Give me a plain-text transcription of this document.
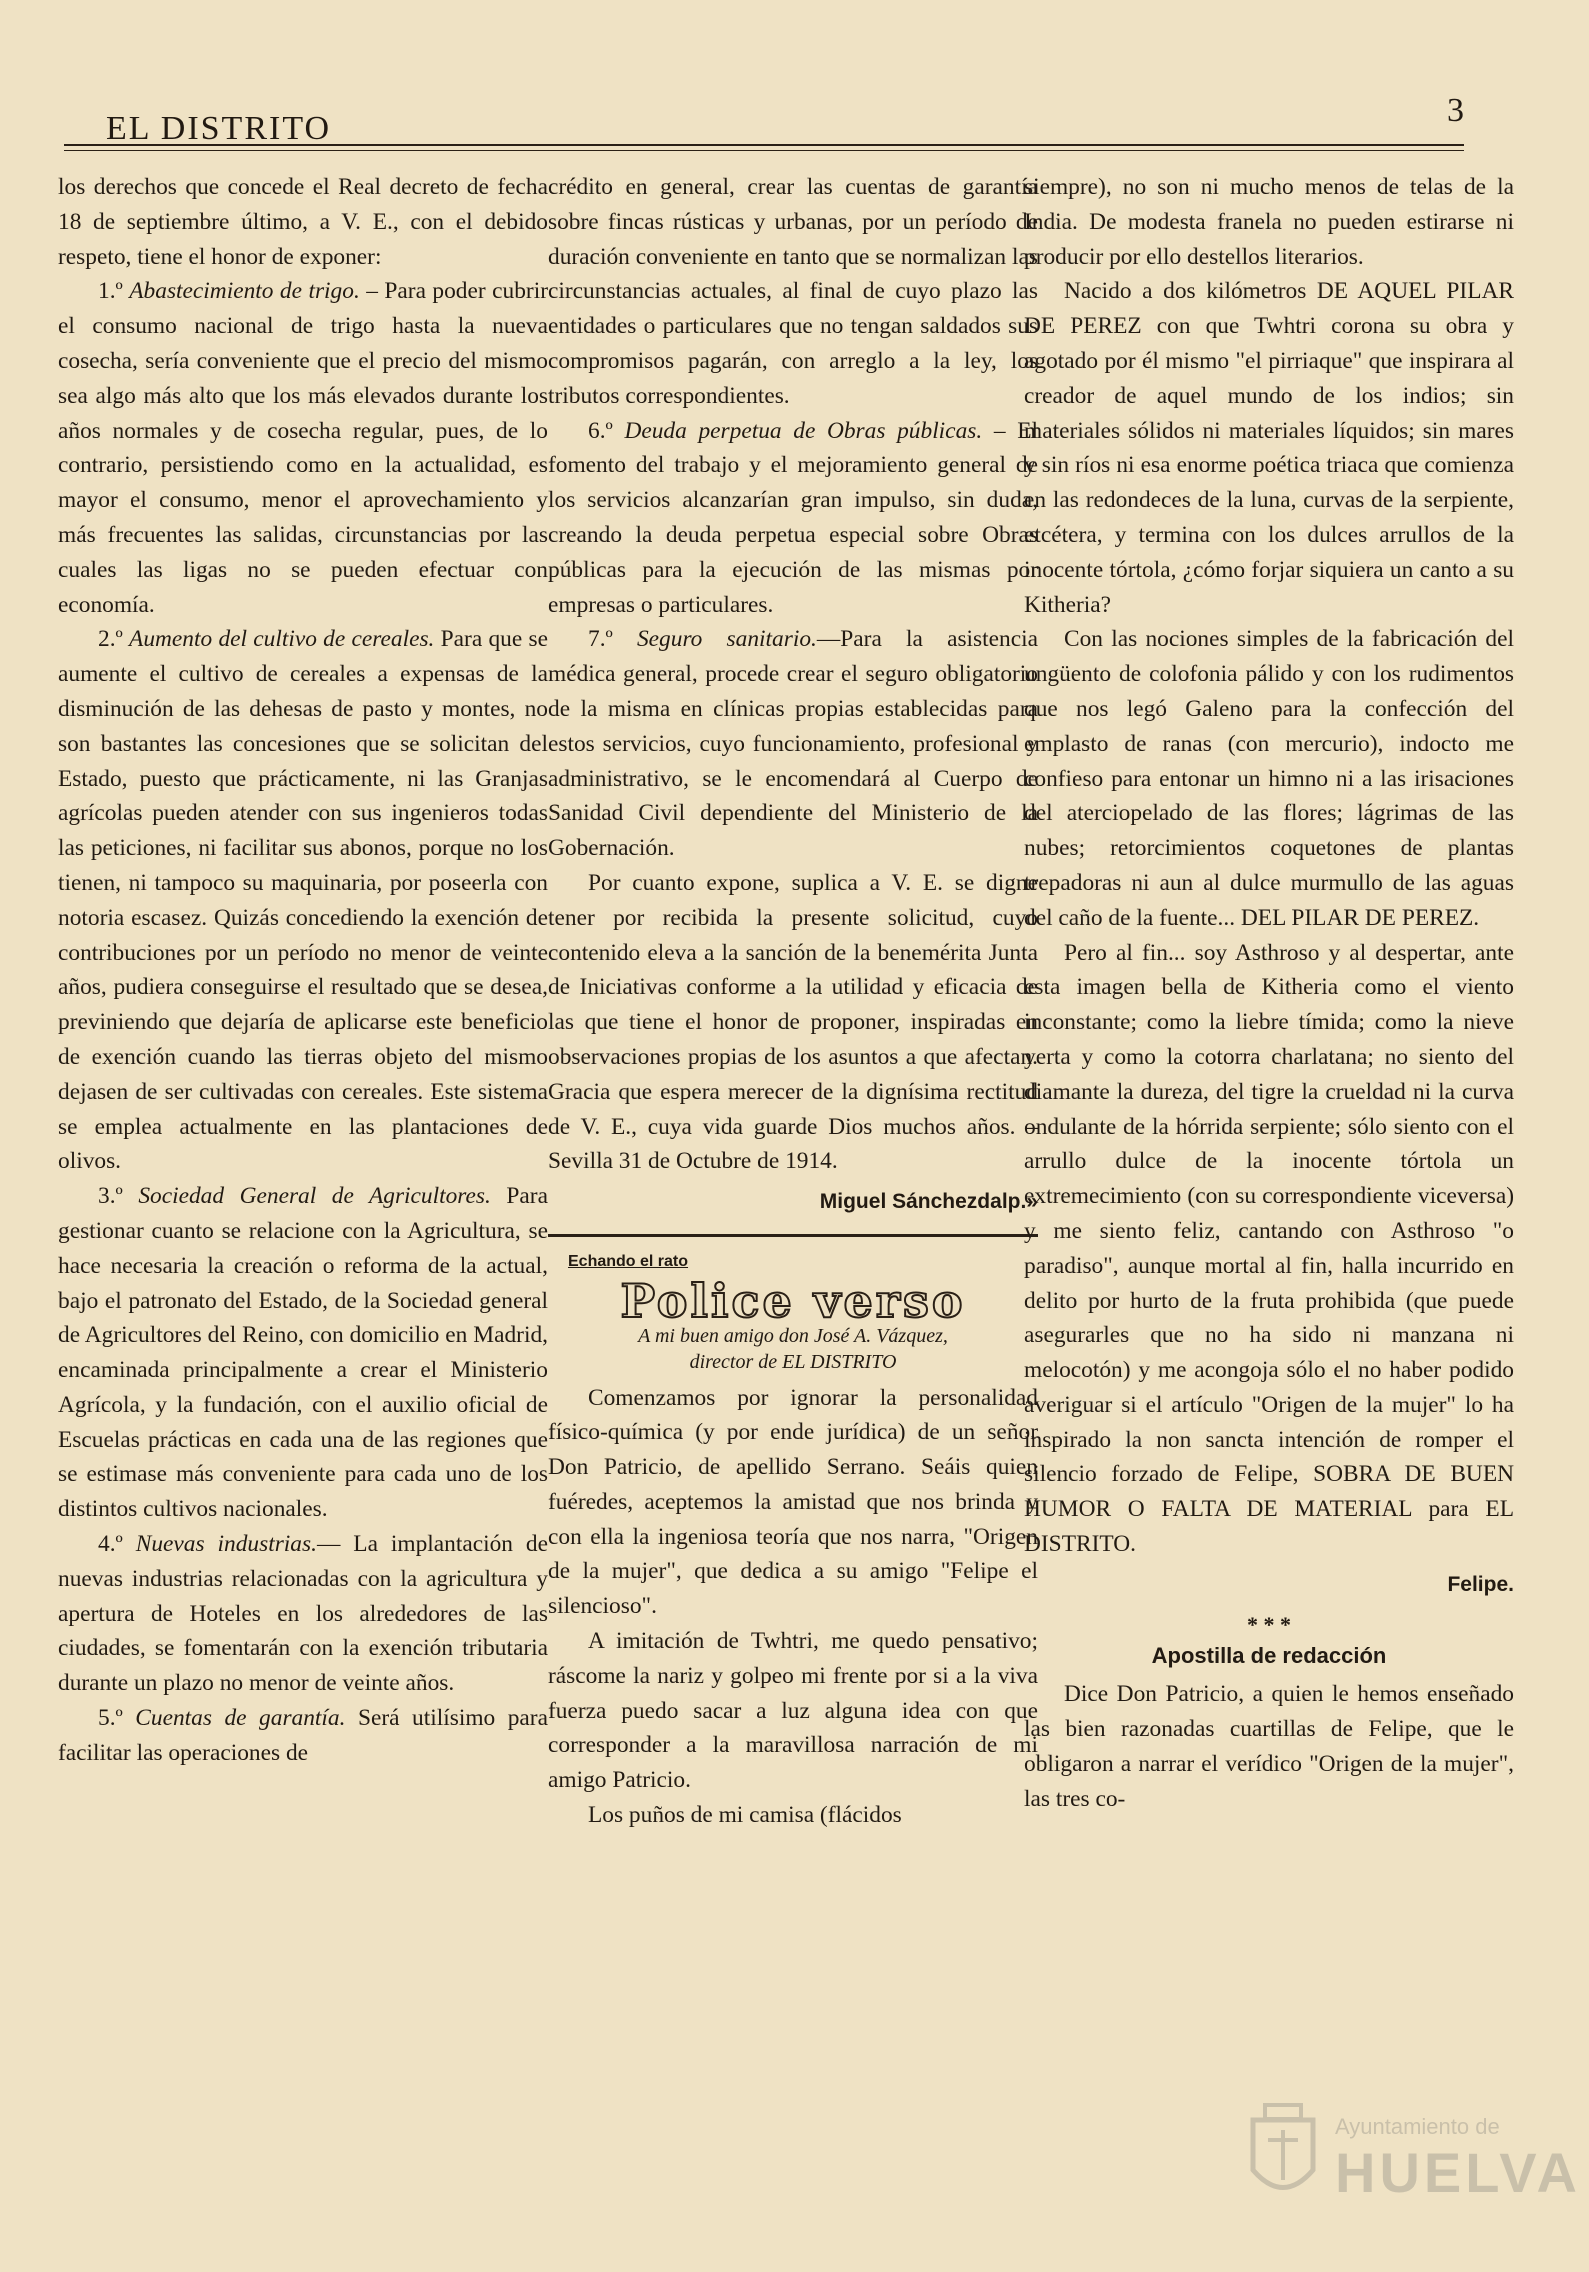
EL DISTRITO	3

los derechos que concede el Real decreto de fecha 18 de septiembre último, a V. E., con el debido respeto, tiene el honor de exponer:

1.º Abastecimiento de trigo. – Para poder cubrir el consumo nacional de trigo hasta la nueva cosecha, sería conveniente que el precio del mismo sea algo más alto que los más elevados durante los años normales y de cosecha regular, pues, de lo contrario, persistiendo como en la actualidad, es mayor el consumo, menor el aprovechamiento y más frecuentes las salidas, circunstancias por las cuales las ligas no se pueden efectuar con economía.

2.º Aumento del cultivo de cereales. Para que se aumente el cultivo de cereales a expensas de la disminución de las dehesas de pasto y montes, no son bastantes las concesiones que se solicitan del Estado, puesto que prácticamente, ni las Granjas agrícolas pueden atender con sus ingenieros todas las peticiones, ni facilitar sus abonos, porque no los tienen, ni tampoco su maquinaria, por poseerla con notoria escasez. Quizás concediendo la exención de contribuciones por un período no menor de veinte años, pudiera conseguirse el resultado que se desea, previniendo que dejaría de aplicarse este beneficio de exención cuando las tierras objeto del mismo dejasen de ser cultivadas con cereales. Este sistema se emplea actualmente en las plantaciones de olivos.

3.º Sociedad General de Agricultores. Para gestionar cuanto se relacione con la Agricultura, se hace necesaria la creación o reforma de la actual, bajo el patronato del Estado, de la Sociedad general de Agricultores del Reino, con domicilio en Madrid, encaminada principalmente a crear el Ministerio Agrícola, y la fundación, con el auxilio oficial de Escuelas prácticas en cada una de las regiones que se estimase más conveniente para cada uno de los distintos cultivos nacionales.

4.º Nuevas industrias.— La implantación de nuevas industrias relacionadas con la agricultura y apertura de Hoteles en los alrededores de las ciudades, se fomentarán con la exención tributaria durante un plazo no menor de veinte años.

5.º Cuentas de garantía. Será utilísimo para facilitar las operaciones de

crédito en general, crear las cuentas de garantía sobre fincas rústicas y urbanas, por un período de duración conveniente en tanto que se normalizan las circunstancias actuales, al final de cuyo plazo las entidades o particulares que no tengan saldados sus compromisos pagarán, con arreglo a la ley, los tributos correspondientes.

6.º Deuda perpetua de Obras públicas. – El fomento del trabajo y el mejoramiento general de los servicios alcanzarían gran impulso, sin duda, creando la deuda perpetua especial sobre Obras públicas para la ejecución de las mismas por empresas o particulares.

7.º Seguro sanitario.—Para la asistencia médica general, procede crear el seguro obligatorio de la misma en clínicas propias establecidas para estos servicios, cuyo funcionamiento, profesional y administrativo, se le encomendará al Cuerpo de Sanidad Civil dependiente del Ministerio de la Gobernación.

Por cuanto expone, suplica a V. E. se digne tener por recibida la presente solicitud, cuyo contenido eleva a la sanción de la benemérita Junta de Iniciativas conforme a la utilidad y eficacia de las que tiene el honor de proponer, inspiradas en observaciones propias de los asuntos a que afectan. Gracia que espera merecer de la dignísima rectitud de V. E., cuya vida guarde Dios muchos años. – Sevilla 31 de Octubre de 1914.

Miguel Sánchezdalp.»
Echando el rato
Police verso
A mi buen amigo don José A. Vázquez,
director de EL DISTRITO

Comenzamos por ignorar la personalidad físico-química (y por ende jurídica) de un señor Don Patricio, de apellido Serrano. Seáis quien fuéredes, aceptemos la amistad que nos brinda y con ella la ingeniosa teoría que nos narra, "Origen de la mujer", que dedica a su amigo "Felipe el silencioso".

A imitación de Twhtri, me quedo pensativo; ráscome la nariz y golpeo mi frente por si a la viva fuerza puedo sacar a luz alguna idea con que corresponder a la maravillosa narración de mi amigo Patricio.

Los puños de mi camisa (flácidos

siempre), no son ni mucho menos de telas de la India. De modesta franela no pueden estirarse ni producir por ello destellos literarios.

Nacido a dos kilómetros DE AQUEL PILAR DE PEREZ con que Twhtri corona su obra y agotado por él mismo "el pirriaque" que inspirara al creador de aquel mundo de los indios; sin materiales sólidos ni materiales líquidos; sin mares y sin ríos ni esa enorme poética triaca que comienza en las redondeces de la luna, curvas de la serpiente, etcétera, y termina con los dulces arrullos de la inocente tórtola, ¿cómo forjar siquiera un canto a su Kitheria?

Con las nociones simples de la fabricación del ungüento de colofonia pálido y con los rudimentos que nos legó Galeno para la confección del emplasto de ranas (con mercurio), indocto me confieso para entonar un himno ni a las irisaciones del aterciopelado de las flores; lágrimas de las nubes; retorcimientos coquetones de plantas trepadoras ni aun al dulce murmullo de las aguas del caño de la fuente... DEL PILAR DE PEREZ.

Pero al fin... soy Asthroso y al despertar, ante esta imagen bella de Kitheria como el viento inconstante; como la liebre tímida; como la nieve yerta y como la cotorra charlatana; no siento del diamante la dureza, del tigre la crueldad ni la curva ondulante de la hórrida serpiente; sólo siento con el arrullo dulce de la inocente tórtola un extremecimiento (con su correspondiente viceversa) y me siento feliz, cantando con Asthroso "o paradiso", aunque mortal al fin, halla incurrido en delito por hurto de la fruta prohibida (que puede asegurarles que no ha sido ni manzana ni melocotón) y me acongoja sólo el no haber podido averiguar si el artículo "Origen de la mujer" lo ha inspirado la non sancta intención de romper el silencio forzado de Felipe, SOBRA DE BUEN HUMOR O FALTA DE MATERIAL para EL DISTRITO.

Felipe.
* * *
Apostilla de redacción

Dice Don Patricio, a quien le hemos enseñado las bien razonadas cuartillas de Felipe, que le obligaron a narrar el verídico "Origen de la mujer", las tres co-

Ayuntamiento de
HUELVA
